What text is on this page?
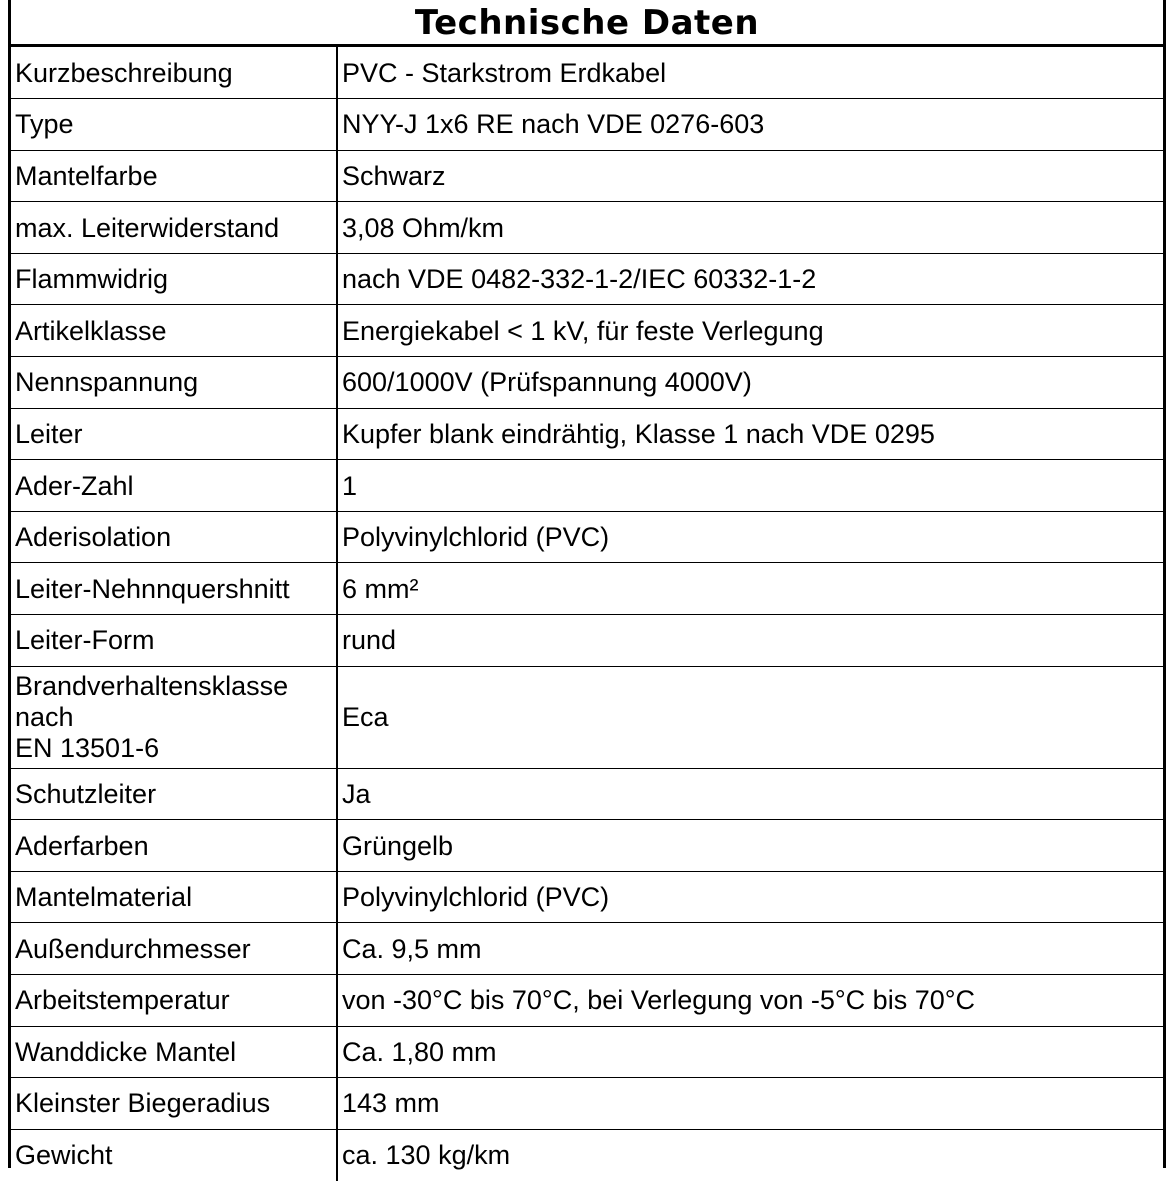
Technische Daten
Kurzbeschreibung	PVC - Starkstrom Erdkabel
Type	NYY-J 1x6 RE nach VDE 0276-603
Mantelfarbe	Schwarz
max. Leiterwiderstand	3,08 Ohm/km
Flammwidrig	nach VDE 0482-332-1-2/IEC 60332-1-2
Artikelklasse	Energiekabel < 1 kV, für feste Verlegung
Nennspannung	600/1000V (Prüfspannung 4000V)
Leiter	Kupfer blank eindrähtig, Klasse 1 nach VDE 0295
Ader-Zahl	1
Aderisolation	Polyvinylchlorid (PVC)
Leiter-Nehnnquershnitt	6 mm²
Leiter-Form	rund
Brandverhaltensklasse nach
EN 13501-6	Eca
Schutzleiter	Ja
Aderfarben	Grüngelb
Mantelmaterial	Polyvinylchlorid (PVC)
Außendurchmesser	Ca. 9,5 mm
Arbeitstemperatur	von -30°C bis 70°C, bei Verlegung von -5°C bis 70°C
Wanddicke Mantel	Ca. 1,80 mm
Kleinster Biegeradius	143 mm
Gewicht	ca. 130 kg/km
